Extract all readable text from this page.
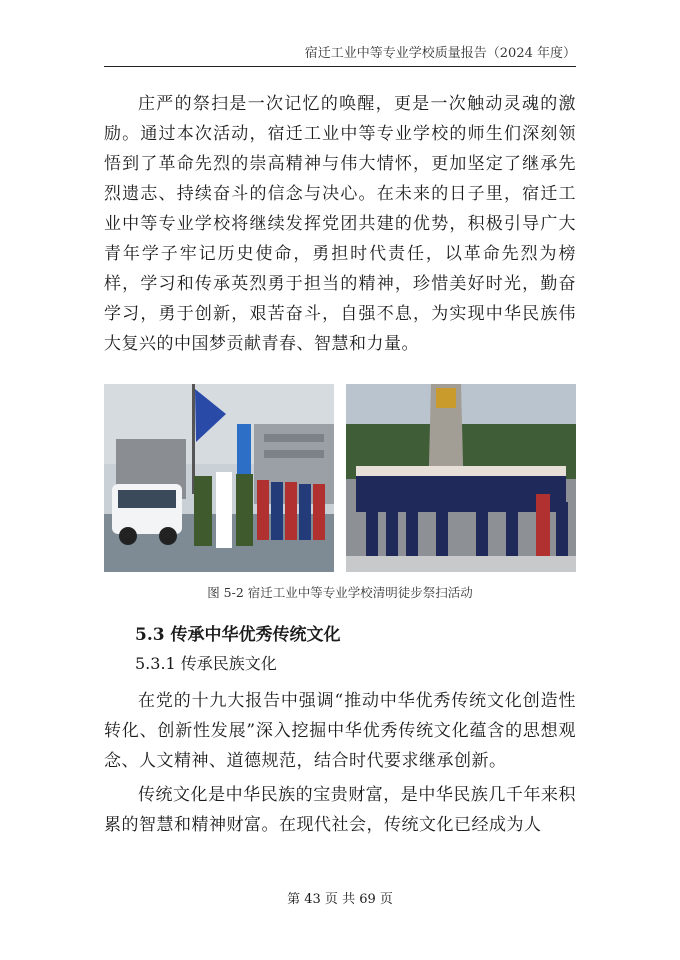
宿迁工业中等专业学校质量报告（2024 年度）

庄严的祭扫是一次记忆的唤醒，更是一次触动灵魂的激励。通过本次活动，宿迁工业中等专业学校的师生们深刻领悟到了革命先烈的崇高精神与伟大情怀，更加坚定了继承先烈遗志、持续奋斗的信念与决心。在未来的日子里，宿迁工业中等专业学校将继续发挥党团共建的优势，积极引导广大青年学子牢记历史使命，勇担时代责任，以革命先烈为榜样，学习和传承英烈勇于担当的精神，珍惜美好时光，勤奋学习，勇于创新，艰苦奋斗，自强不息，为实现中华民族伟大复兴的中国梦贡献青春、智慧和力量。

图 5-2 宿迁工业中等专业学校清明徒步祭扫活动
5.3 传承中华优秀传统文化
5.3.1 传承民族文化

在党的十九大报告中强调“推动中华优秀传统文化创造性转化、创新性发展”深入挖掘中华优秀传统文化蕴含的思想观念、人文精神、道德规范，结合时代要求继承创新。

传统文化是中华民族的宝贵财富，是中华民族几千年来积累的智慧和精神财富。在现代社会，传统文化已经成为人

第 43 页 共 69 页
